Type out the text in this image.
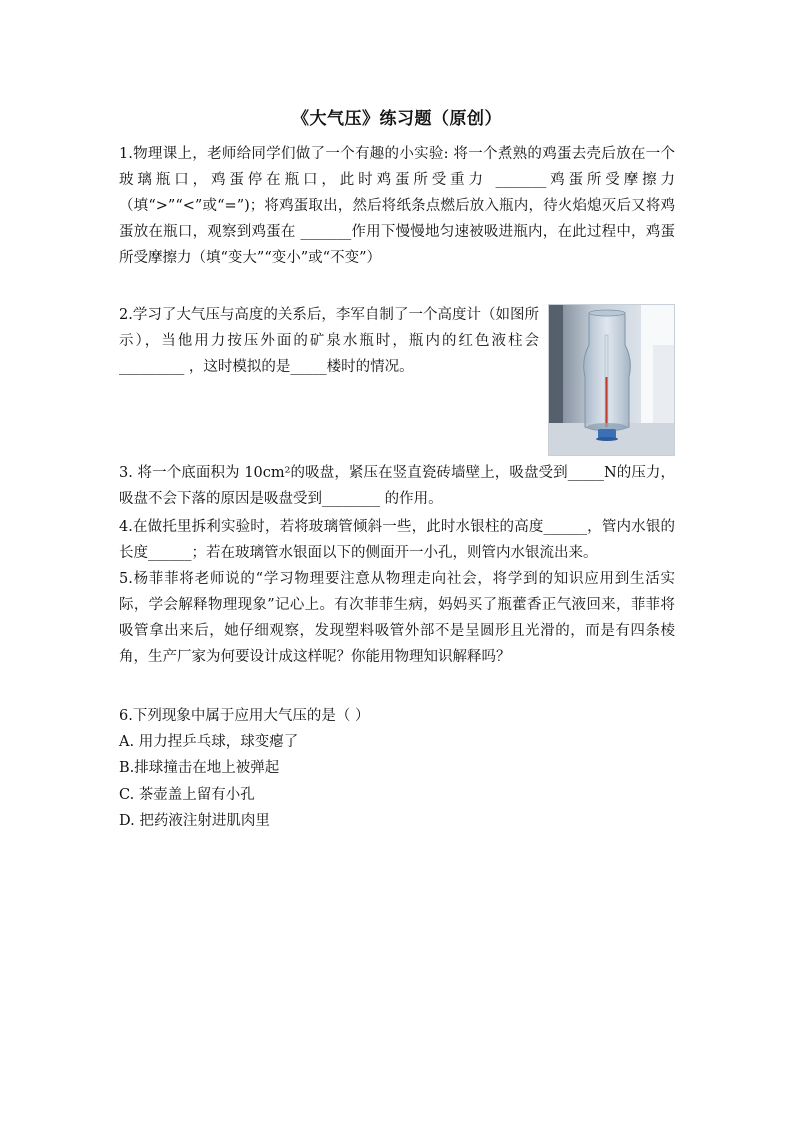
《大气压》练习题（原创）
1.物理课上，老师给同学们做了一个有趣的小实验: 将一个煮熟的鸡蛋去壳后放在一个玻璃瓶口，鸡蛋停在瓶口，此时鸡蛋所受重力 _______鸡蛋所受摩擦力（填“>”“<”或“=”)；将鸡蛋取出，然后将纸条点燃后放入瓶内，待火焰熄灭后又将鸡蛋放在瓶口，观察到鸡蛋在 _______作用下慢慢地匀速被吸进瓶内，在此过程中，鸡蛋所受摩擦力（填“变大”“变小”或“不变”）
2.学习了大气压与高度的关系后，李军自制了一个高度计（如图所示），当他用力按压外面的矿泉水瓶时，瓶内的红色液柱会 _________ ，这时模拟的是_____楼时的情况。
3. 将一个底面积为 10cm²的吸盘，紧压在竖直瓷砖墙壁上，吸盘受到_____N的压力，吸盘不会下落的原因是吸盘受到________ 的作用。
4.在做托里拆利实验时，若将玻璃管倾斜一些，此时水银柱的高度______，管内水银的长度______；若在玻璃管水银面以下的侧面开一小孔，则管内水银流出来。
5.杨菲菲将老师说的“学习物理要注意从物理走向社会，将学到的知识应用到生活实际，学会解释物理现象”记心上。有次菲菲生病，妈妈买了瓶藿香正气液回来，菲菲将吸管拿出来后，她仔细观察，发现塑料吸管外部不是呈圆形且光滑的，而是有四条棱角，生产厂家为何要设计成这样呢？你能用物理知识解释吗？
6.下列现象中属于应用大气压的是（ ）
A. 用力捏乒乓球，球变瘪了
B.排球撞击在地上被弹起
C. 茶壶盖上留有小孔
D. 把药液注射进肌肉里
